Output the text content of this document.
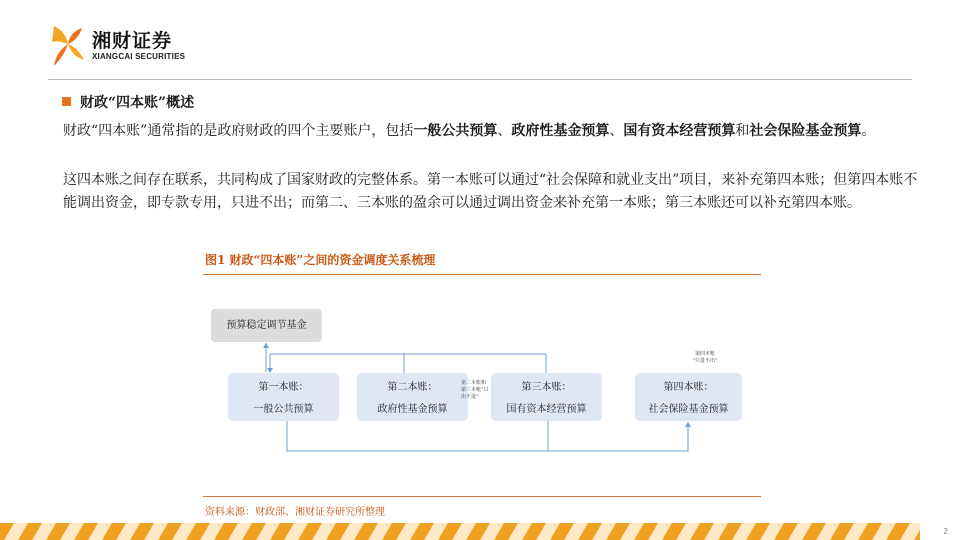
湘财证券
XIANGCAI SECURITIES
财政“四本账”概述
财政“四本账”通常指的是政府财政的四个主要账户，包括一般公共预算、政府性基金预算、国有资本经营预算和社会保险基金预算。
这四本账之间存在联系，共同构成了国家财政的完整体系。第一本账可以通过“社会保障和就业支出”项目，来补充第四本账；但第四本账不能调出资金，即专款专用，只进不出；而第二、三本账的盈余可以通过调出资金来补充第一本账；第三本账还可以补充第四本账。
图1 财政“四本账”之间的资金调度关系梳理
预算稳定调节基金
第一本账：
一般公共预算
第二本账：
政府性基金预算
第三本账：
国有资本经营预算
第四本账：
社会保险基金预算
第二本账和第三本账“只出不进”
第四本账
“只进不出”
资料来源：财政部、湘财证券研究所整理
2
